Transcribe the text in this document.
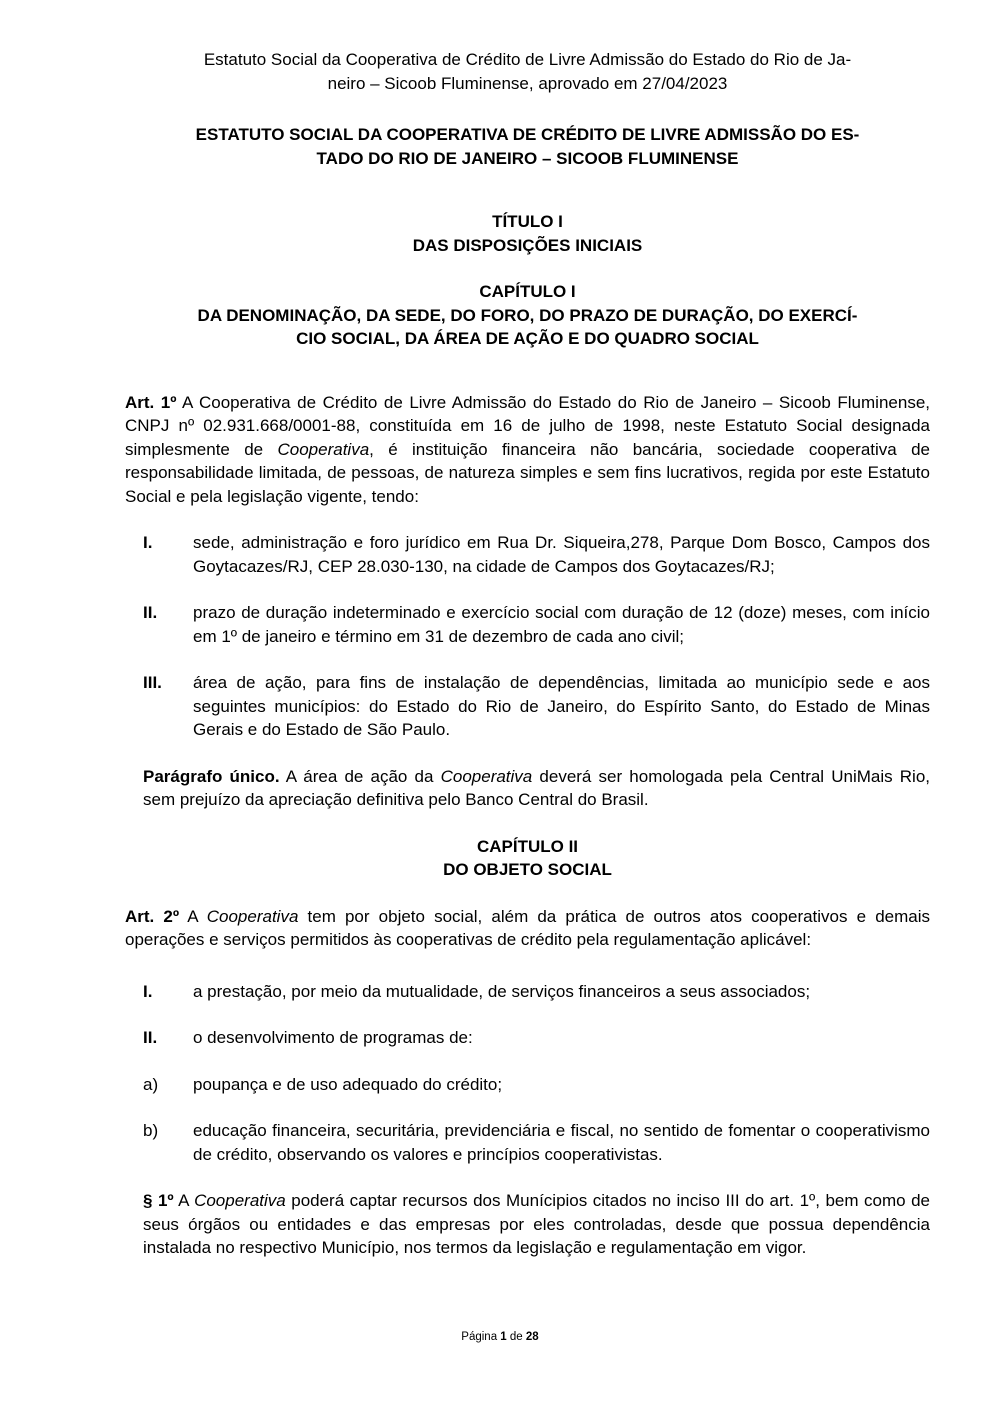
Estatuto Social da Cooperativa de Crédito de Livre Admissão do Estado do Rio de Ja-
neiro – Sicoob Fluminense, aprovado em 27/04/2023

ESTATUTO SOCIAL DA COOPERATIVA DE CRÉDITO DE LIVRE ADMISSÃO DO ES-
TADO DO RIO DE JANEIRO – SICOOB FLUMINENSE

TÍTULO I
DAS DISPOSIÇÕES INICIAIS

CAPÍTULO I
DA DENOMINAÇÃO, DA SEDE, DO FORO, DO PRAZO DE DURAÇÃO, DO EXERCÍ-
CIO SOCIAL, DA ÁREA DE AÇÃO E DO QUADRO SOCIAL

Art. 1º A Cooperativa de Crédito de Livre Admissão do Estado do Rio de Janeiro – Sicoob Fluminense, CNPJ nº 02.931.668/0001-88, constituída em 16 de julho de 1998, neste Estatuto Social designada simplesmente de Cooperativa, é instituição financeira não bancária, sociedade cooperativa de responsabilidade limitada, de pessoas, de natureza simples e sem fins lucrativos, regida por este Estatuto Social e pela legislação vigente, tendo:

I.	sede, administração e foro jurídico em Rua Dr. Siqueira,278, Parque Dom Bosco, Campos dos Goytacazes/RJ, CEP 28.030-130, na cidade de Campos dos Goytacazes/RJ;
II.	prazo de duração indeterminado e exercício social com duração de 12 (doze) meses, com início em 1º de janeiro e término em 31 de dezembro de cada ano civil;
III.	área de ação, para fins de instalação de dependências, limitada ao município sede e aos seguintes municípios: do Estado do Rio de Janeiro, do Espírito Santo, do Estado de Minas Gerais e do Estado de São Paulo.

Parágrafo único. A área de ação da Cooperativa deverá ser homologada pela Central UniMais Rio, sem prejuízo da apreciação definitiva pelo Banco Central do Brasil.

CAPÍTULO II
DO OBJETO SOCIAL

Art. 2º A Cooperativa tem por objeto social, além da prática de outros atos cooperativos e demais operações e serviços permitidos às cooperativas de crédito pela regulamentação aplicável:

I.	a prestação, por meio da mutualidade, de serviços financeiros a seus associados;
II.	o desenvolvimento de programas de:
a)	poupança e de uso adequado do crédito;
b)	educação financeira, securitária, previdenciária e fiscal, no sentido de fomentar o cooperativismo de crédito, observando os valores e princípios cooperativistas.

§ 1º A Cooperativa poderá captar recursos dos Munícipios citados no inciso III do art. 1º, bem como de seus órgãos ou entidades e das empresas por eles controladas, desde que possua dependência instalada no respectivo Município, nos termos da legislação e regulamentação em vigor.

Página 1 de 28
